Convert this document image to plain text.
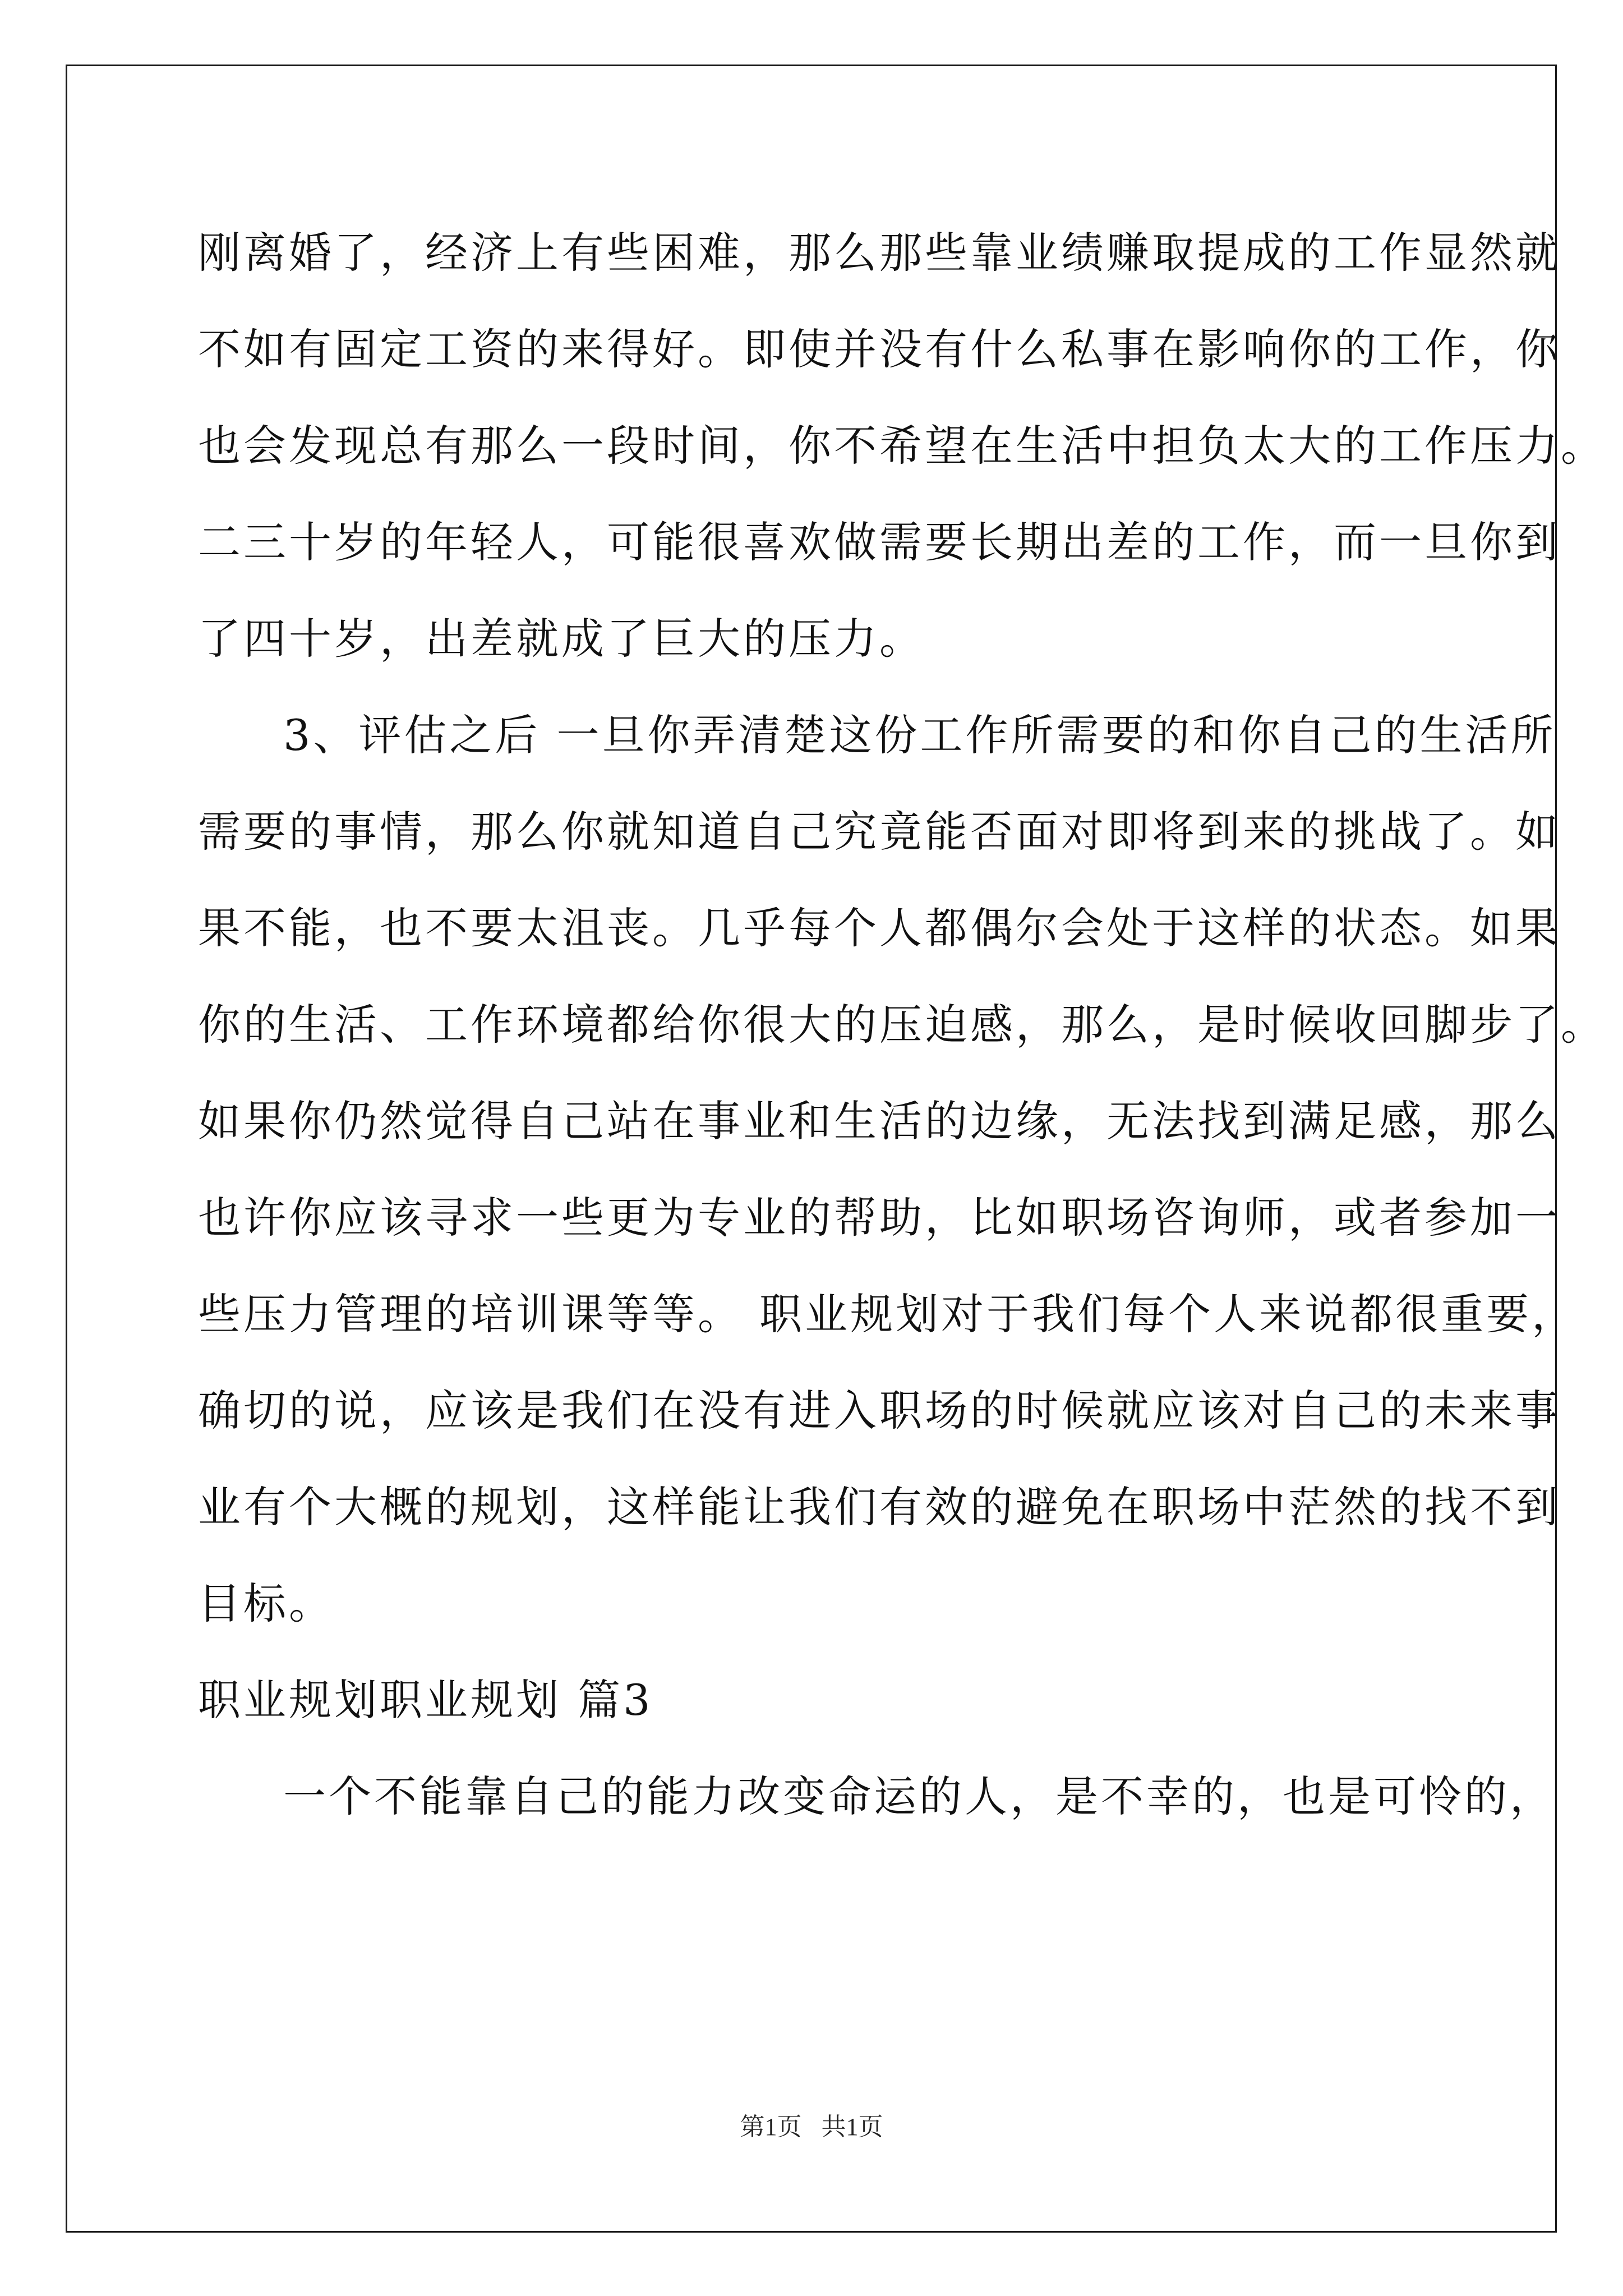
刚离婚了，经济上有些困难，那么那些靠业绩赚取提成的工作显然就
不如有固定工资的来得好。即使并没有什么私事在影响你的工作，你
也会发现总有那么一段时间，你不希望在生活中担负太大的工作压力。
二三十岁的年轻人，可能很喜欢做需要长期出差的工作，而一旦你到
了四十岁，出差就成了巨大的压力。
3、评估之后 一旦你弄清楚这份工作所需要的和你自己的生活所
需要的事情，那么你就知道自己究竟能否面对即将到来的挑战了。如
果不能，也不要太沮丧。几乎每个人都偶尔会处于这样的状态。如果
你的生活、工作环境都给你很大的压迫感，那么，是时候收回脚步了。
如果你仍然觉得自己站在事业和生活的边缘，无法找到满足感，那么
也许你应该寻求一些更为专业的帮助，比如职场咨询师，或者参加一
些压力管理的培训课等等。 职业规划对于我们每个人来说都很重要，
确切的说，应该是我们在没有进入职场的时候就应该对自己的未来事
业有个大概的规划，这样能让我们有效的避免在职场中茫然的找不到
目标。
职业规划职业规划 篇3
一个不能靠自己的能力改变命运的人，是不幸的，也是可怜的，
第1页 共1页
